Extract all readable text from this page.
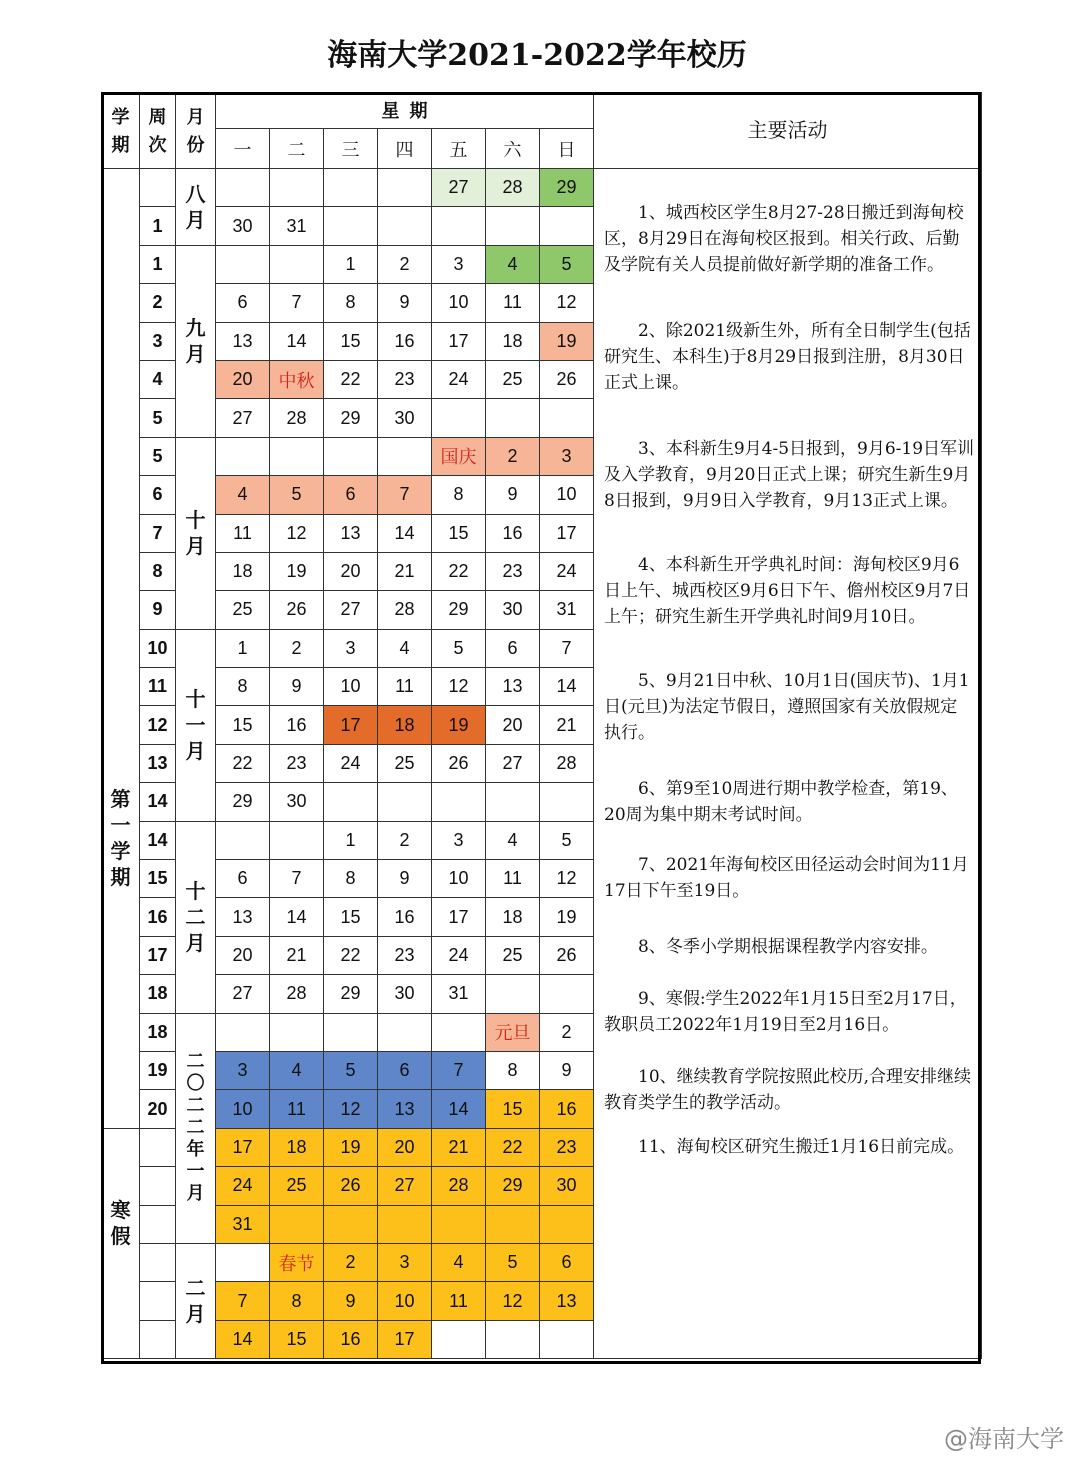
海南大学2021-2022学年校历
学期	周次	月份	星  期							主要活动
			一	二	三	四	五	六	日	

第一学期		八月					27	28	29	
	1		30	31						
	1	九月			1	2	3	4	5	
	2		6	7	8	9	10	11	12	
	3		13	14	15	16	17	18	19	
	4		20	中秋	22	23	24	25	26	
	5		27	28	29	30				
	5	十月					国庆	2	3	
	6		4	5	6	7	8	9	10	
	7		11	12	13	14	15	16	17	
	8		18	19	20	21	22	23	24	
	9		25	26	27	28	29	30	31	
	10	十一月	1	2	3	4	5	6	7	
	11		8	9	10	11	12	13	14	
	12		15	16	17	18	19	20	21	
	13		22	23	24	25	26	27	28	
	14		29	30						
	14	十二月			1	2	3	4	5	
	15		6	7	8	9	10	11	12	
	16		13	14	15	16	17	18	19	
	17		20	21	22	23	24	25	26	
	18		27	28	29	30	31			
	18	二〇二二年一月						元旦	2	
	19		3	4	5	6	7	8	9	
	20		10	11	12	13	14	15	16	

寒假			17	18	19	20	21	22	23	
			24	25	26	27	28	29	30	
			31							

		二月		春节	2	3	4	5	6	
			7	8	9	10	11	12	13	
			14	15	16	17				

1、城西校区学生8月27-28日搬迁到海甸校区，8月29日在海甸校区报到。相关行政、后勤及学院有关人员提前做好新学期的准备工作。

2、除2021级新生外，所有全日制学生(包括研究生、本科生)于8月29日报到注册，8月30日正式上课。

3、本科新生9月4-5日报到，9月6-19日军训及入学教育，9月20日正式上课；研究生新生9月8日报到，9月9日入学教育，9月13正式上课。

4、本科新生开学典礼时间：海甸校区9月6日上午、城西校区9月6日下午、儋州校区9月7日上午；研究生新生开学典礼时间9月10日。

5、9月21日中秋、10月1日(国庆节)、1月1日(元旦)为法定节假日，遵照国家有关放假规定执行。

6、第9至10周进行期中教学检查，第19、20周为集中期末考试时间。

7、2021年海甸校区田径运动会时间为11月17日下午至19日。

8、冬季小学期根据课程教学内容安排。

9、寒假:学生2022年1月15日至2月17日，教职员工2022年1月19日至2月16日。

10、继续教育学院按照此校历,合理安排继续教育类学生的教学活动。

11、海甸校区研究生搬迁1月16日前完成。

@海南大学
